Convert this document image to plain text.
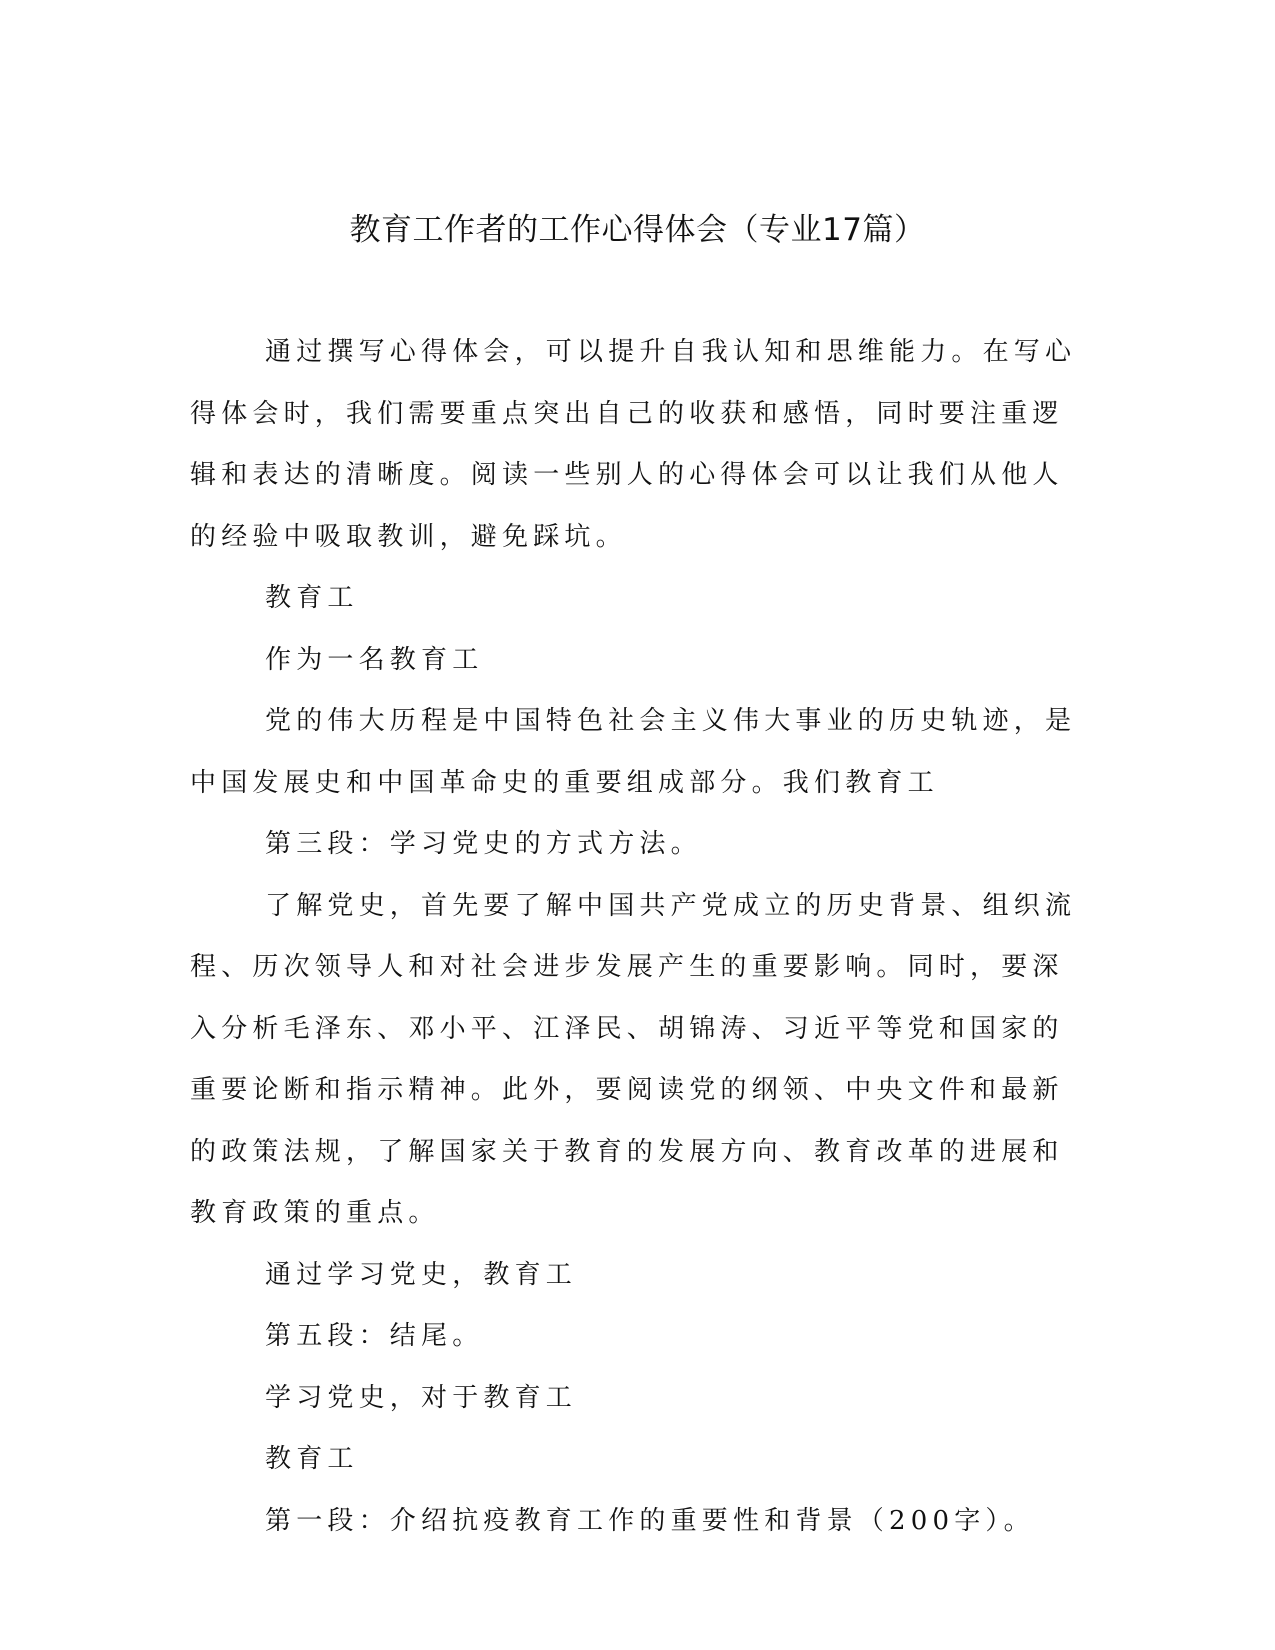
教育工作者的工作心得体会（专业17篇）

通过撰写心得体会，可以提升自我认知和思维能力。在写心得体会时，我们需要重点突出自己的收获和感悟，同时要注重逻辑和表达的清晰度。阅读一些别人的心得体会可以让我们从他人的经验中吸取教训，避免踩坑。

教育工

作为一名教育工

党的伟大历程是中国特色社会主义伟大事业的历史轨迹，是中国发展史和中国革命史的重要组成部分。我们教育工

第三段：学习党史的方式方法。

了解党史，首先要了解中国共产党成立的历史背景、组织流程、历次领导人和对社会进步发展产生的重要影响。同时，要深入分析毛泽东、邓小平、江泽民、胡锦涛、习近平等党和国家的重要论断和指示精神。此外，要阅读党的纲领、中央文件和最新的政策法规，了解国家关于教育的发展方向、教育改革的进展和教育政策的重点。

通过学习党史，教育工

第五段：结尾。

学习党史，对于教育工

教育工

第一段：介绍抗疫教育工作的重要性和背景（200字）。
